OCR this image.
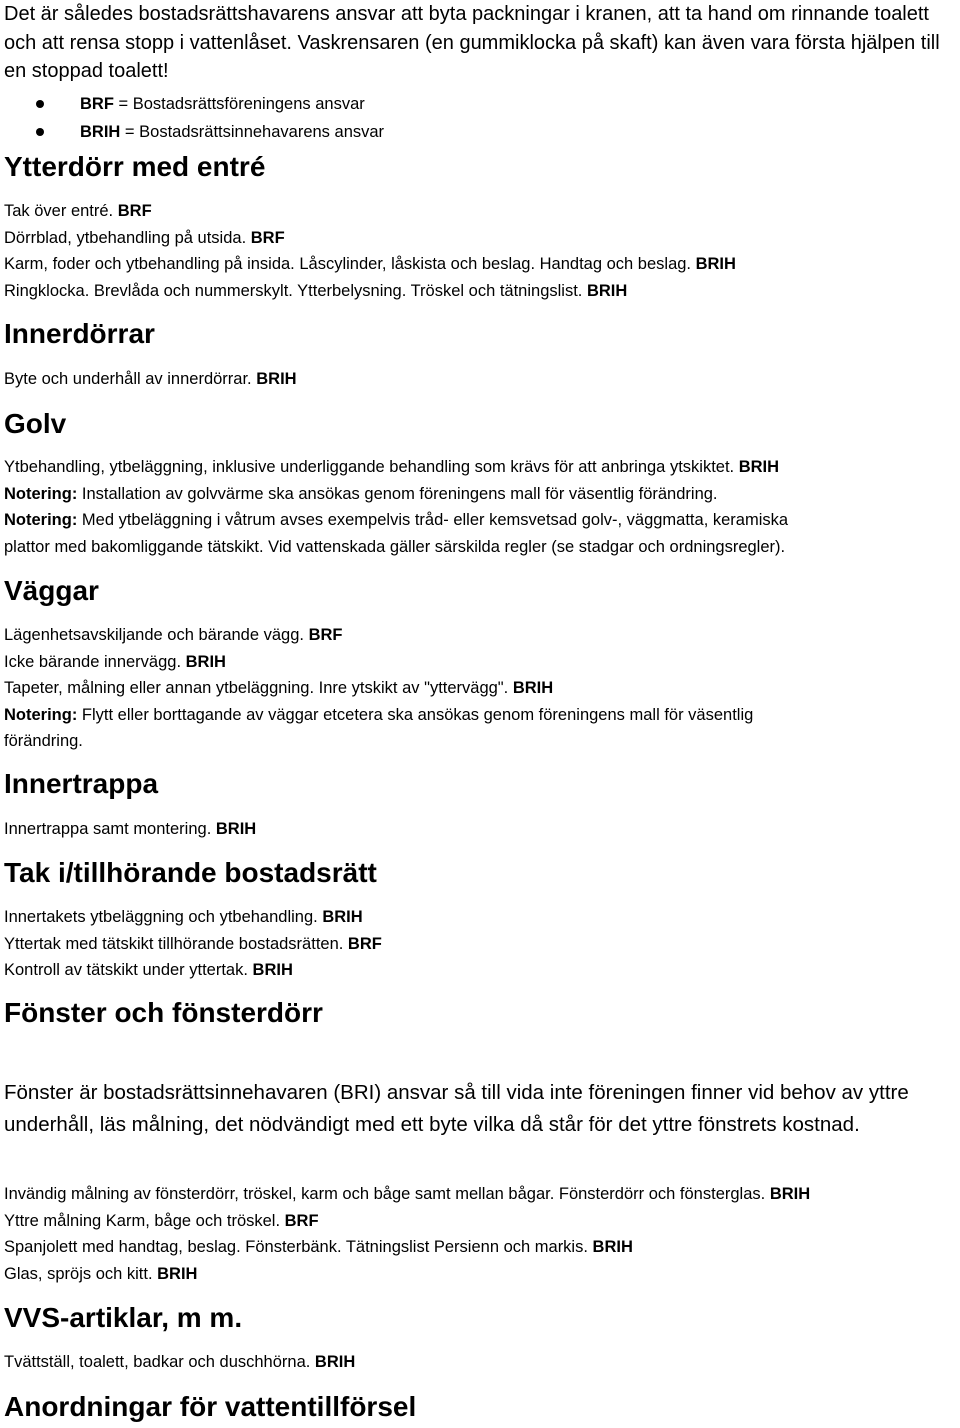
Det är således bostadsrättshavarens ansvar att byta packningar i kranen, att ta hand om rinnande toalett och att rensa stopp i vattenlåset. Vaskrensaren (en gummiklocka på skaft) kan även vara första hjälpen till en stoppad toalett!

BRF = Bostadsrättsföreningens ansvar
BRIH = Bostadsrättsinnehavarens ansvar
Ytterdörr med entré

Tak över entré. BRF

Dörrblad, ytbehandling på utsida. BRF

Karm, foder och ytbehandling på insida. Låscylinder, låskista och beslag. Handtag och beslag. BRIH

Ringklocka. Brevlåda och nummerskylt. Ytterbelysning. Tröskel och tätningslist. BRIH

Innerdörrar

Byte och underhåll av innerdörrar. BRIH

Golv

Ytbehandling, ytbeläggning, inklusive underliggande behandling som krävs för att anbringa ytskiktet. BRIH

Notering: Installation av golvvärme ska ansökas genom föreningens mall för väsentlig förändring.

Notering: Med ytbeläggning i våtrum avses exempelvis tråd- eller kemsvetsad golv-, väggmatta, keramiska

plattor med bakomliggande tätskikt. Vid vattenskada gäller särskilda regler (se stadgar och ordningsregler).

Väggar

Lägenhetsavskiljande och bärande vägg. BRF

Icke bärande innervägg. BRIH

Tapeter, målning eller annan ytbeläggning. Inre ytskikt av "yttervägg". BRIH

Notering: Flytt eller borttagande av väggar etcetera ska ansökas genom föreningens mall för väsentlig

förändring.

Innertrappa

Innertrappa samt montering. BRIH

Tak i/tillhörande bostadsrätt

Innertakets ytbeläggning och ytbehandling. BRIH

Yttertak med tätskikt tillhörande bostadsrätten. BRF

Kontroll av tätskikt under yttertak. BRIH

Fönster och fönsterdörr

Fönster är bostadsrättsinnehavaren (BRI) ansvar så till vida inte föreningen finner vid behov av yttre underhåll, läs målning, det nödvändigt med ett byte vilka då står för det yttre fönstrets kostnad.

Invändig målning av fönsterdörr, tröskel, karm och båge samt mellan bågar. Fönsterdörr och fönsterglas. BRIH

Yttre målning Karm, båge och tröskel. BRF

Spanjolett med handtag, beslag. Fönsterbänk. Tätningslist Persienn och markis. BRIH

Glas, spröjs och kitt. BRIH

VVS-artiklar, m m.

Tvättställ, toalett, badkar och duschhörna. BRIH

Anordningar för vattentillförsel
